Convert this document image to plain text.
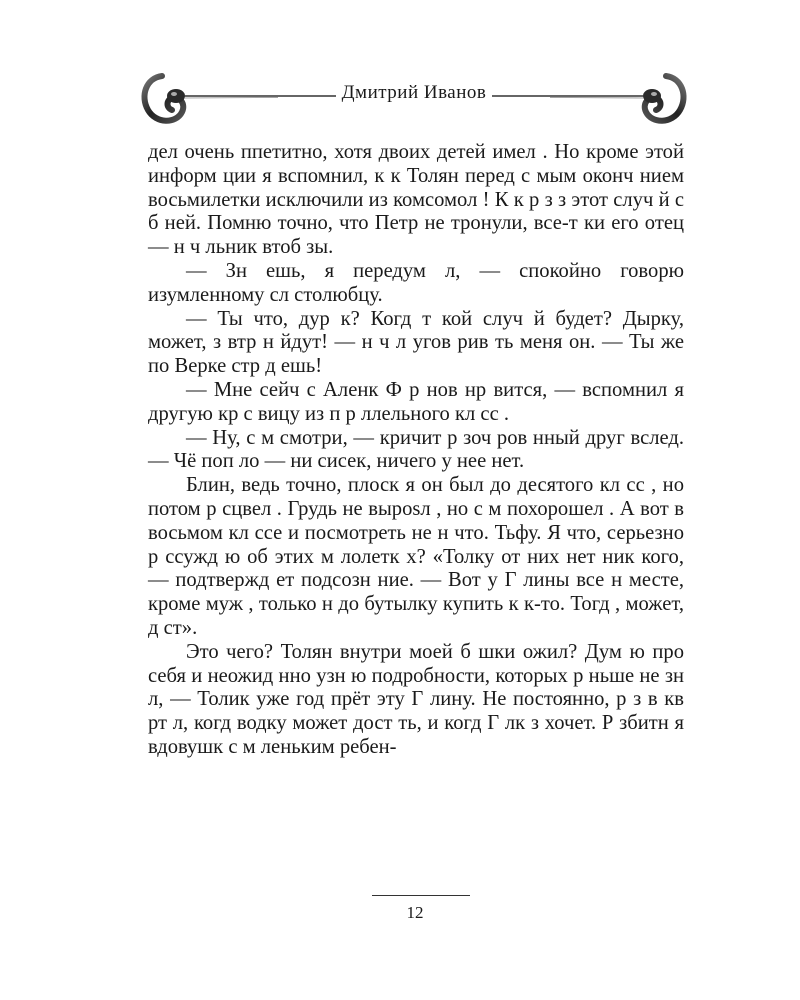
Дмитрий Иванов

дел очень ппетитно, хотя двоих детей имел . Но кроме этой информ ции я вспомнил, к к Толян перед с мым оконч нием восьмилетки исключили из комсомол ! К к р з з этот случ й с б ней. Помню точно, что Петр не тронули, все-т ки его отец — н ч льник втоб зы.

— Зн ешь, я передум л, — спокойно говорю изумленному сл столюбцу.

— Ты что, дур к? Когд т кой случ й будет? Дырку, может, з втр н йдут! — н ч л угов рив ть меня он. — Ты же по Верке стр д ешь!

— Мне сейч с Аленк Ф р нов нр вится, — вспомнил я другую кр с вицу из п р ллельного кл сс .

— Ну, с м смотри, — кричит р зоч ров нный друг вслед. — Чё поп ло — ни сисек, ничего у нее нет.

Блин, ведь точно, плоск я он был до десятого кл сс , но потом р сцвел . Грудь не вырosл , но с м похорошел . А вот в восьмом кл ссе и посмотреть не н что. Тьфу. Я что, серьезно р ссужд ю об этих м лолетк х? «Толку от них нет ник кого, — подтвержд ет подсозн ние. — Вот у Г лины все н месте, кроме муж , только н до бутылку купить к к-то. Тогд , может, д ст».

Это чего? Толян внутри моей б шки ожил? Дум ю про себя и неожид нно узн ю подробности, которых р ньше не зн л, — Толик уже год прёт эту Г лину. Не постоянно, р з в кв рт л, когд водку может дост ть, и когд Г лк з хочет. Р збитн я вдовушк с м леньким ребен-

12
